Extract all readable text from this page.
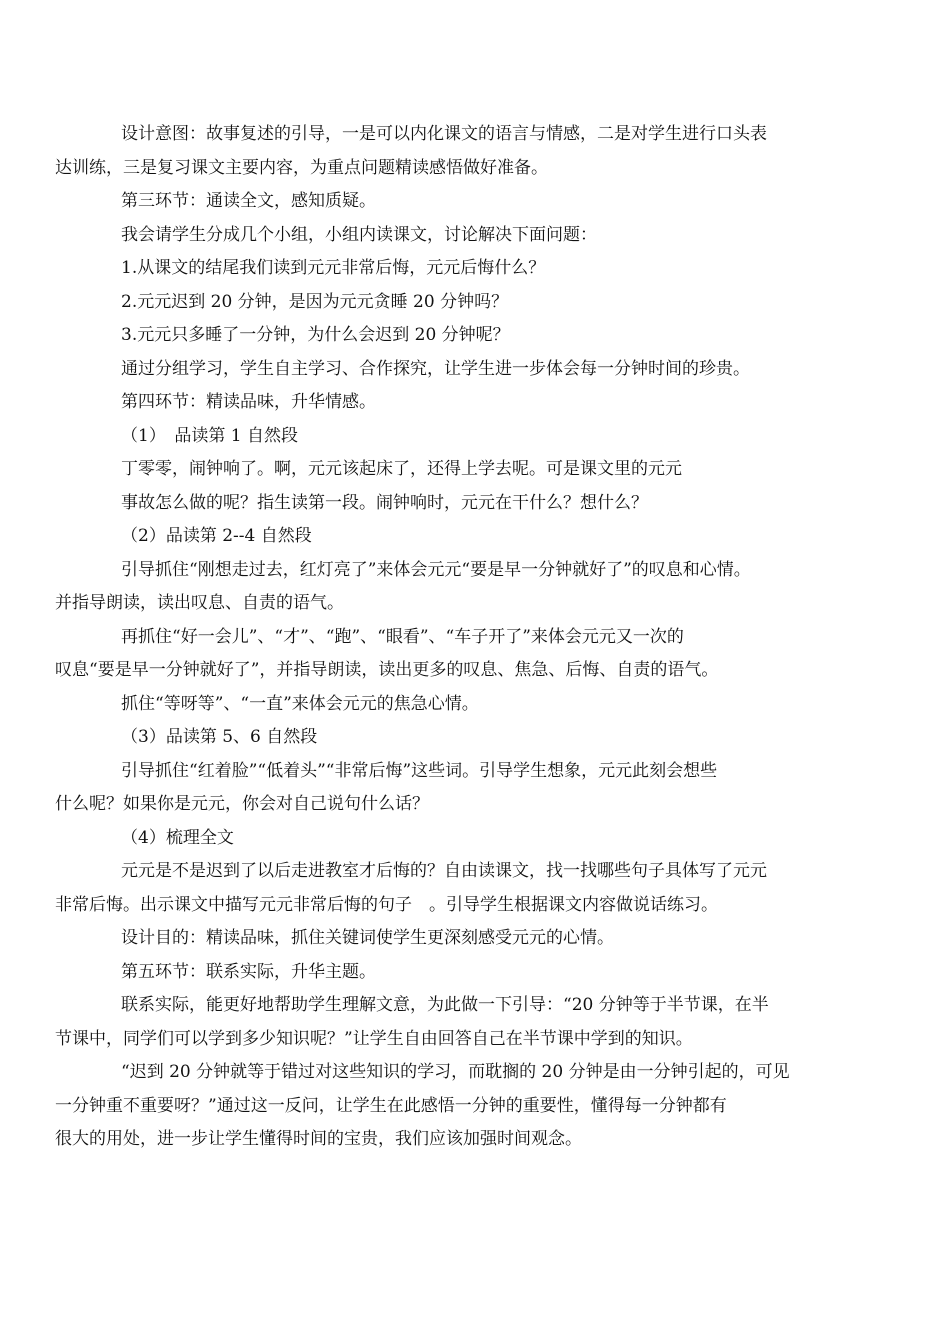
设计意图：故事复述的引导，一是可以内化课文的语言与情感，二是对学生进行口头表
达训练，三是复习课文主要内容，为重点问题精读感悟做好准备。

第三环节：通读全文，感知质疑。

我会请学生分成几个小组，小组内读课文，讨论解决下面问题：

1.从课文的结尾我们读到元元非常后悔，元元后悔什么？

2.元元迟到 20 分钟，是因为元元贪睡 20 分钟吗？

3.元元只多睡了一分钟，为什么会迟到 20 分钟呢？

通过分组学习，学生自主学习、合作探究，让学生进一步体会每一分钟时间的珍贵。

第四环节：精读品味，升华情感。

（1）　品读第 1 自然段

丁零零，闹钟响了。啊，元元该起床了，还得上学去呢。可是课文里的元元

事故怎么做的呢？指生读第一段。闹钟响时，元元在干什么？想什么？

（2）品读第 2--4 自然段

引导抓住“刚想走过去，红灯亮了”来体会元元“要是早一分钟就好了”的叹息和心情。
并指导朗读，读出叹息、自责的语气。

再抓住“好一会儿”、“才”、“跑”、“眼看”、“车子开了”来体会元元又一次的
叹息“要是早一分钟就好了”，并指导朗读，读出更多的叹息、焦急、后悔、自责的语气。

抓住“等呀等”、“一直”来体会元元的焦急心情。

（3）品读第 5、6 自然段

引导抓住“红着脸”“低着头”“非常后悔”这些词。引导学生想象，元元此刻会想些
什么呢？如果你是元元，你会对自己说句什么话？

（4）梳理全文

元元是不是迟到了以后走进教室才后悔的？自由读课文，找一找哪些句子具体写了元元
非常后悔。出示课文中描写元元非常后悔的句子　。引导学生根据课文内容做说话练习。

设计目的：精读品味，抓住关键词使学生更深刻感受元元的心情。

第五环节：联系实际，升华主题。

联系实际，能更好地帮助学生理解文意，为此做一下引导：“20 分钟等于半节课，在半
节课中，同学们可以学到多少知识呢？”让学生自由回答自己在半节课中学到的知识。

“迟到 20 分钟就等于错过对这些知识的学习，而耽搁的 20 分钟是由一分钟引起的，可见
一分钟重不重要呀？”通过这一反问，让学生在此感悟一分钟的重要性，懂得每一分钟都有
很大的用处，进一步让学生懂得时间的宝贵，我们应该加强时间观念。
